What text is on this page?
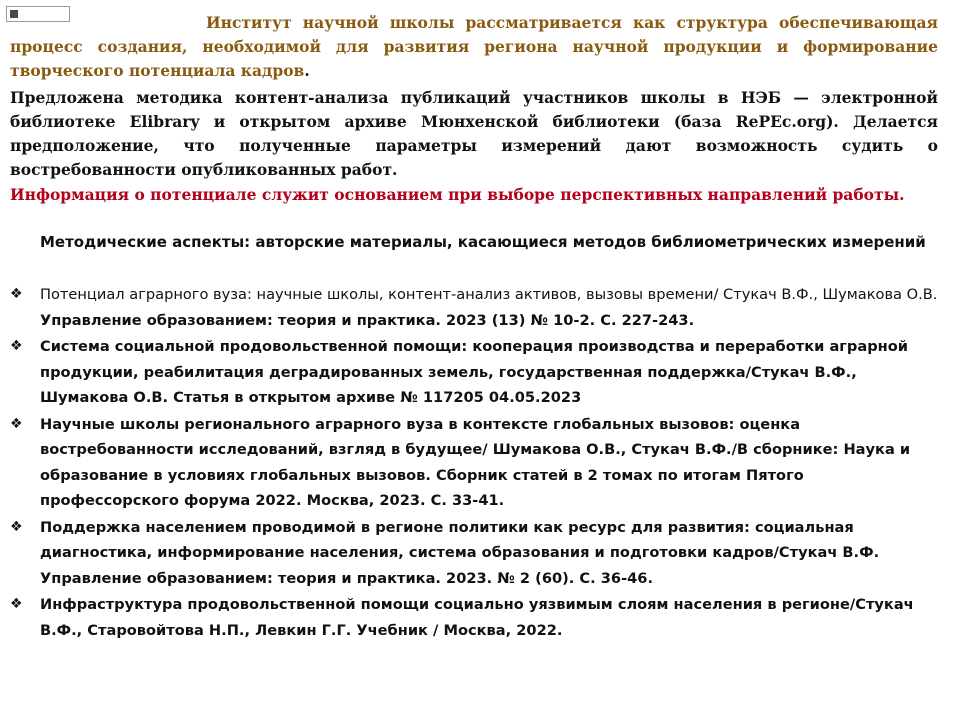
Институт научной школы рассматривается как структура обеспечивающая процесс создания, необходимой для развития региона научной продукции и формирование творческого потенциала кадров.
Предложена методика контент-анализа публикаций участников школы в НЭБ — электронной библиотеке Elibrary и открытом архиве Мюнхенской библиотеки (база RePEc.org). Делается предположение, что полученные параметры измерений дают возможность судить о востребованности опубликованных работ.
Информация о потенциале служит основанием при выборе перспективных направлений работы.
Методические аспекты: авторские материалы, касающиеся методов библиометрических измерений
❖ Потенциал аграрного вуза: научные школы, контент-анализ активов, вызовы времени/ Стукач В.Ф., Шумакова О.В. Управление образованием: теория и практика. 2023 (13) № 10-2. С. 227-243.
❖ Система социальной продовольственной помощи: кооперация производства и переработки аграрной продукции, реабилитация деградированных земель, государственная поддержка/Стукач В.Ф., Шумакова О.В. Статья в открытом архиве № 117205 04.05.2023
❖ Научные школы регионального аграрного вуза в контексте глобальных вызовов: оценка востребованности исследований, взгляд в будущее/ Шумакова О.В., Стукач В.Ф./В сборнике: Наука и образование в условиях глобальных вызовов. Сборник статей в 2 томах по итогам Пятого профессорского форума 2022. Москва, 2023. С. 33-41.
❖ Поддержка населением проводимой в регионе политики как ресурс для развития: социальная диагностика, информирование населения, система образования и подготовки кадров/Стукач В.Ф. Управление образованием: теория и практика. 2023. № 2 (60). С. 36-46.
❖ Инфраструктура продовольственной помощи социально уязвимым слоям населения в регионе/Стукач В.Ф., Старовойтова Н.П., Левкин Г.Г. Учебник / Москва, 2022.
